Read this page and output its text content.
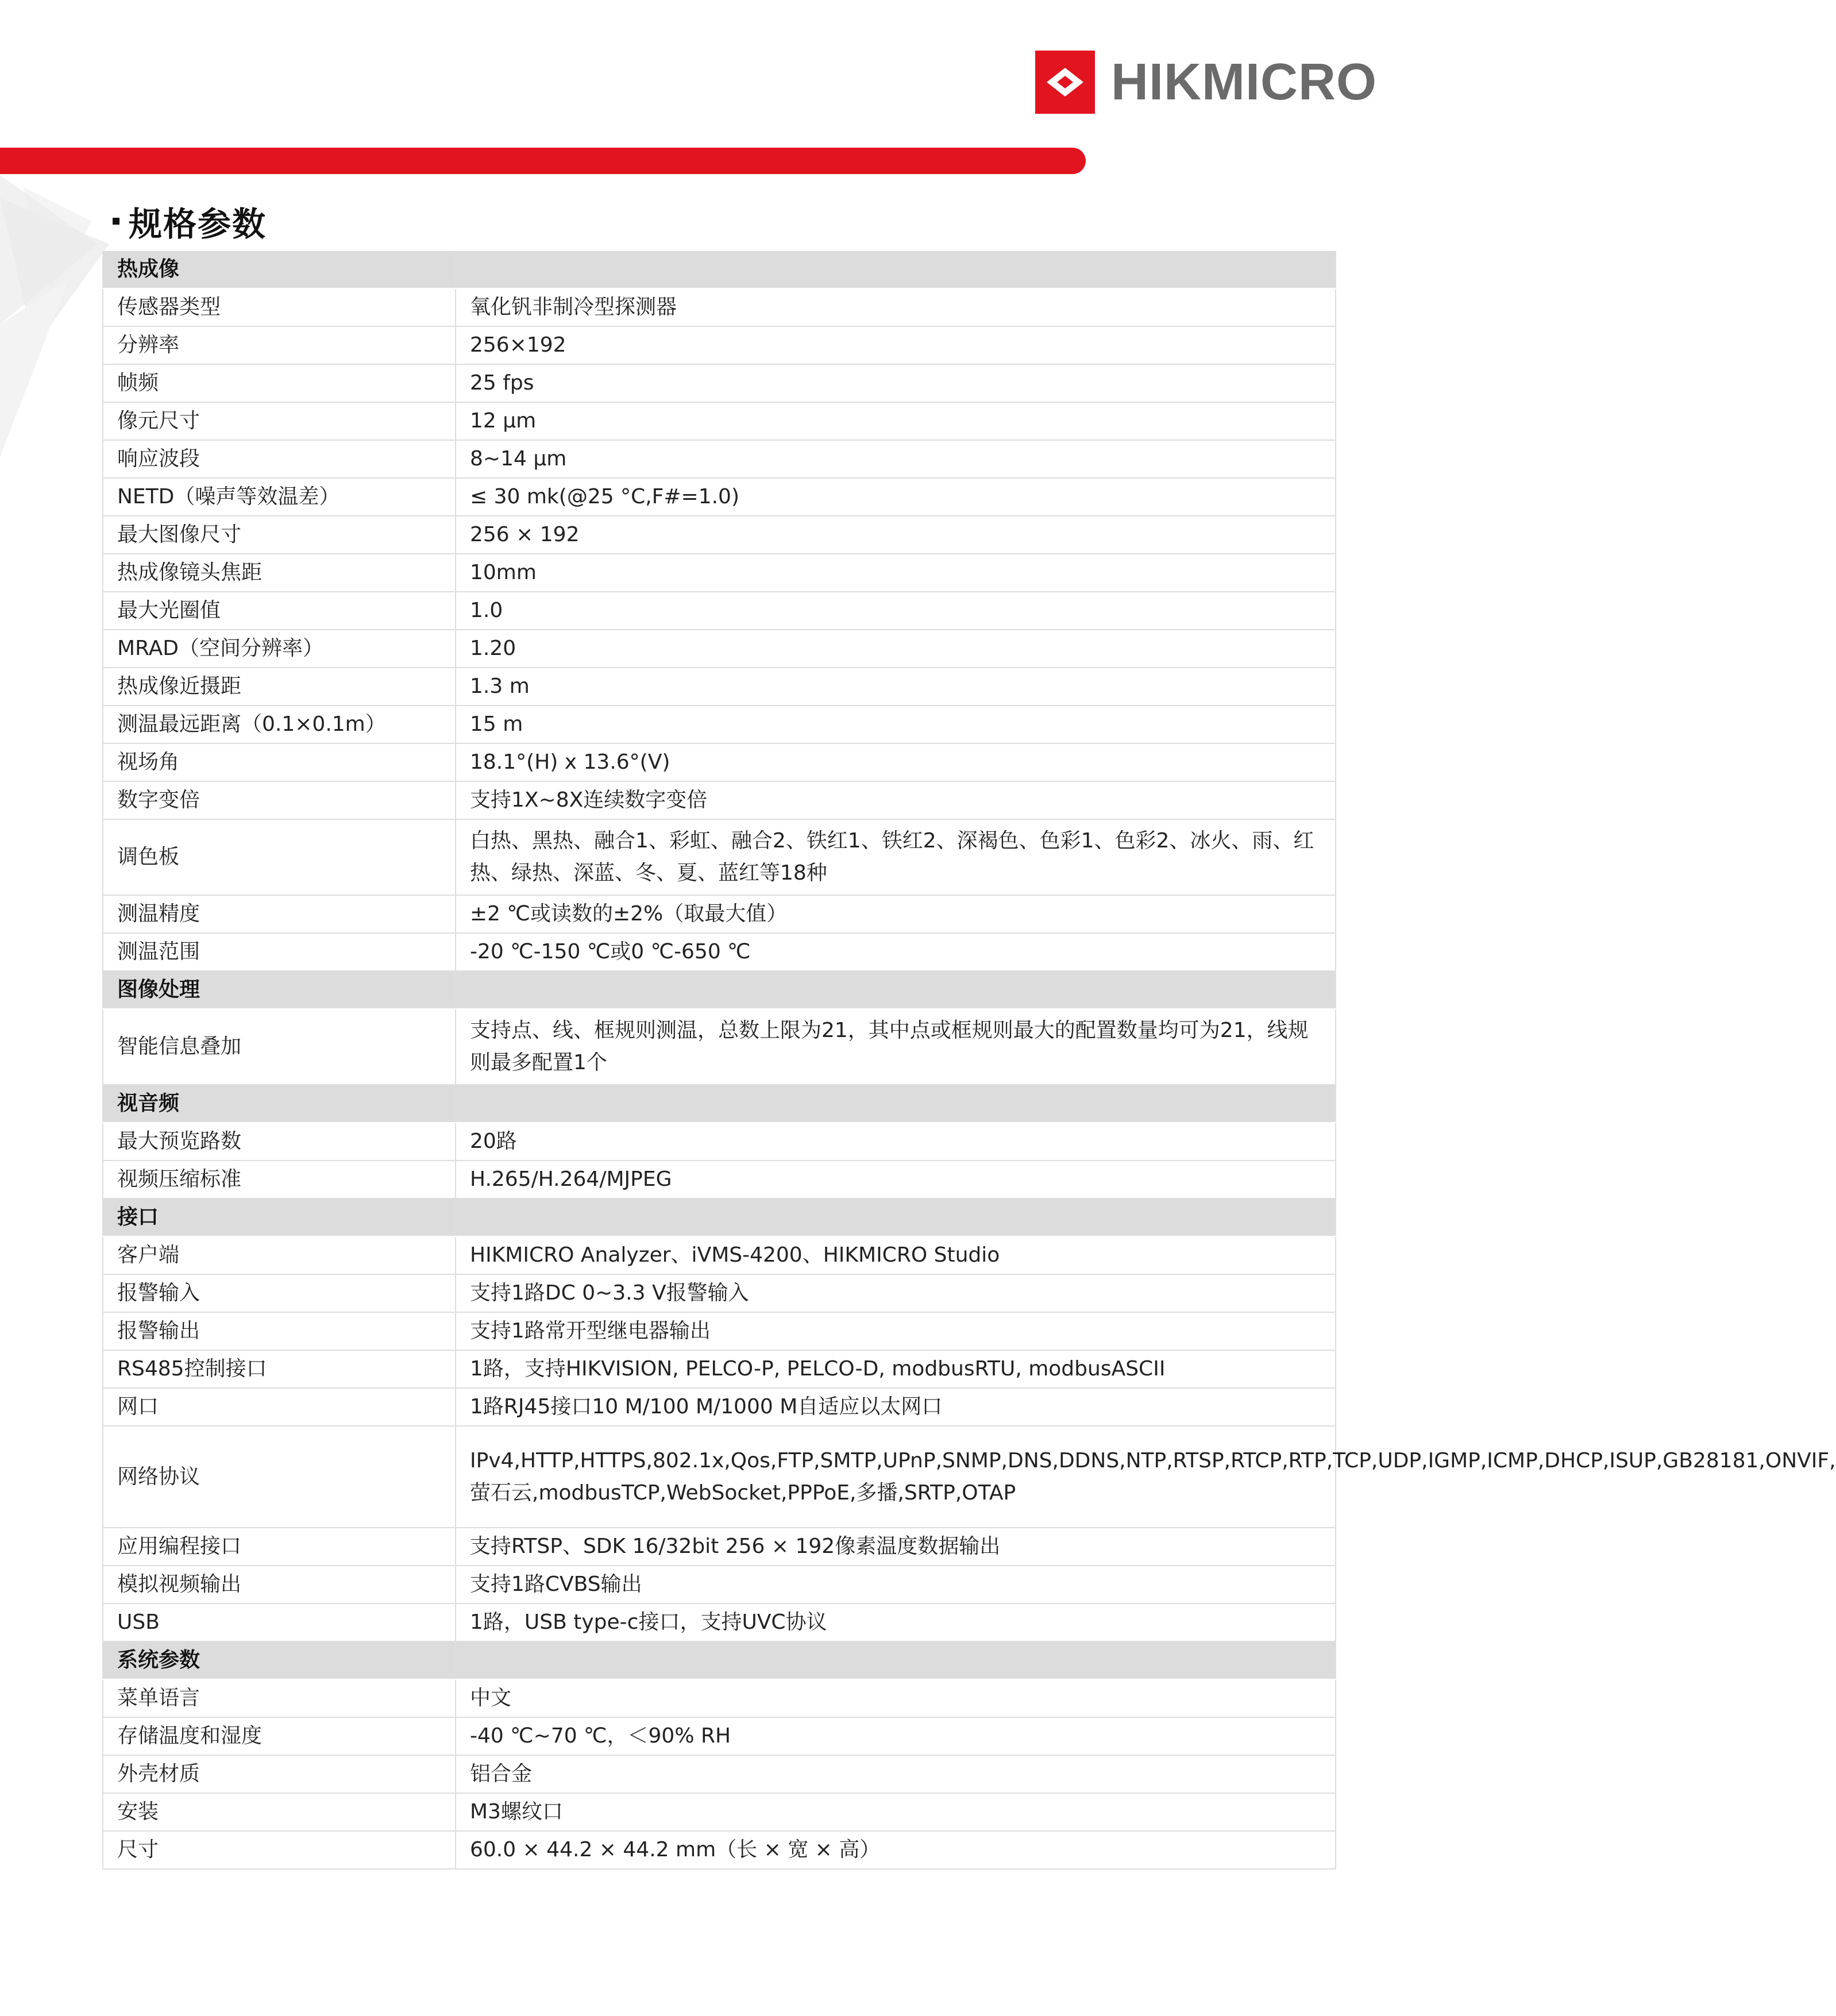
HIKMICRO
规格参数
热成像	
传感器类型	氧化钒非制冷型探测器
分辨率	256×192
帧频	25 fps
像元尺寸	12 μm
响应波段	8~14 μm
NETD（噪声等效温差）	≤ 30 mk(@25 °C,F#=1.0)
最大图像尺寸	256 × 192
热成像镜头焦距	10mm
最大光圈值	1.0
MRAD（空间分辨率）	1.20
热成像近摄距	1.3 m
测温最远距离（0.1×0.1m）	15 m
视场角	18.1°(H) x 13.6°(V)
数字变倍	支持1X~8X连续数字变倍
调色板	白热、黑热、融合1、彩虹、融合2、铁红1、铁红2、深褐色、色彩1、色彩2、冰火、雨、红热、绿热、深蓝、冬、夏、蓝红等18种
测温精度	±2 ℃或读数的±2%（取最大值）
测温范围	-20 ℃-150 ℃或0 ℃-650 ℃
图像处理	
智能信息叠加	支持点、线、框规则测温，总数上限为21，其中点或框规则最大的配置数量均可为21，线规则最多配置1个
视音频	
最大预览路数	20路
视频压缩标准	H.265/H.264/MJPEG
接口	
客户端	HIKMICRO Analyzer、iVMS-4200、HIKMICRO Studio
报警输入	支持1路DC 0~3.3 V报警输入
报警输出	支持1路常开型继电器输出
RS485控制接口	1路，支持HIKVISION, PELCO-P, PELCO-D, modbusRTU, modbusASCII
网口	1路RJ45接口10 M/100 M/1000 M自适应以太网口
网络协议	IPv4,HTTP,HTTPS,802.1x,Qos,FTP,SMTP,UPnP,SNMP,DNS,DDNS,NTP,RTSP,RTCP,RTP,TCP,UDP,IGMP,ICMP,DHCP,ISUP,GB28181,ONVIF,萤石云,modbusTCP,WebSocket,PPPoE,多播,SRTP,OTAP
应用编程接口	支持RTSP、SDK 16/32bit 256 × 192像素温度数据输出
模拟视频输出	支持1路CVBS输出
USB	1路，USB type-c接口，支持UVC协议
系统参数	
菜单语言	中文
存储温度和湿度	-40 ℃~70 ℃，＜90% RH
外壳材质	铝合金
安装	M3螺纹口
尺寸	60.0 × 44.2 × 44.2 mm（长 × 宽 × 高）
